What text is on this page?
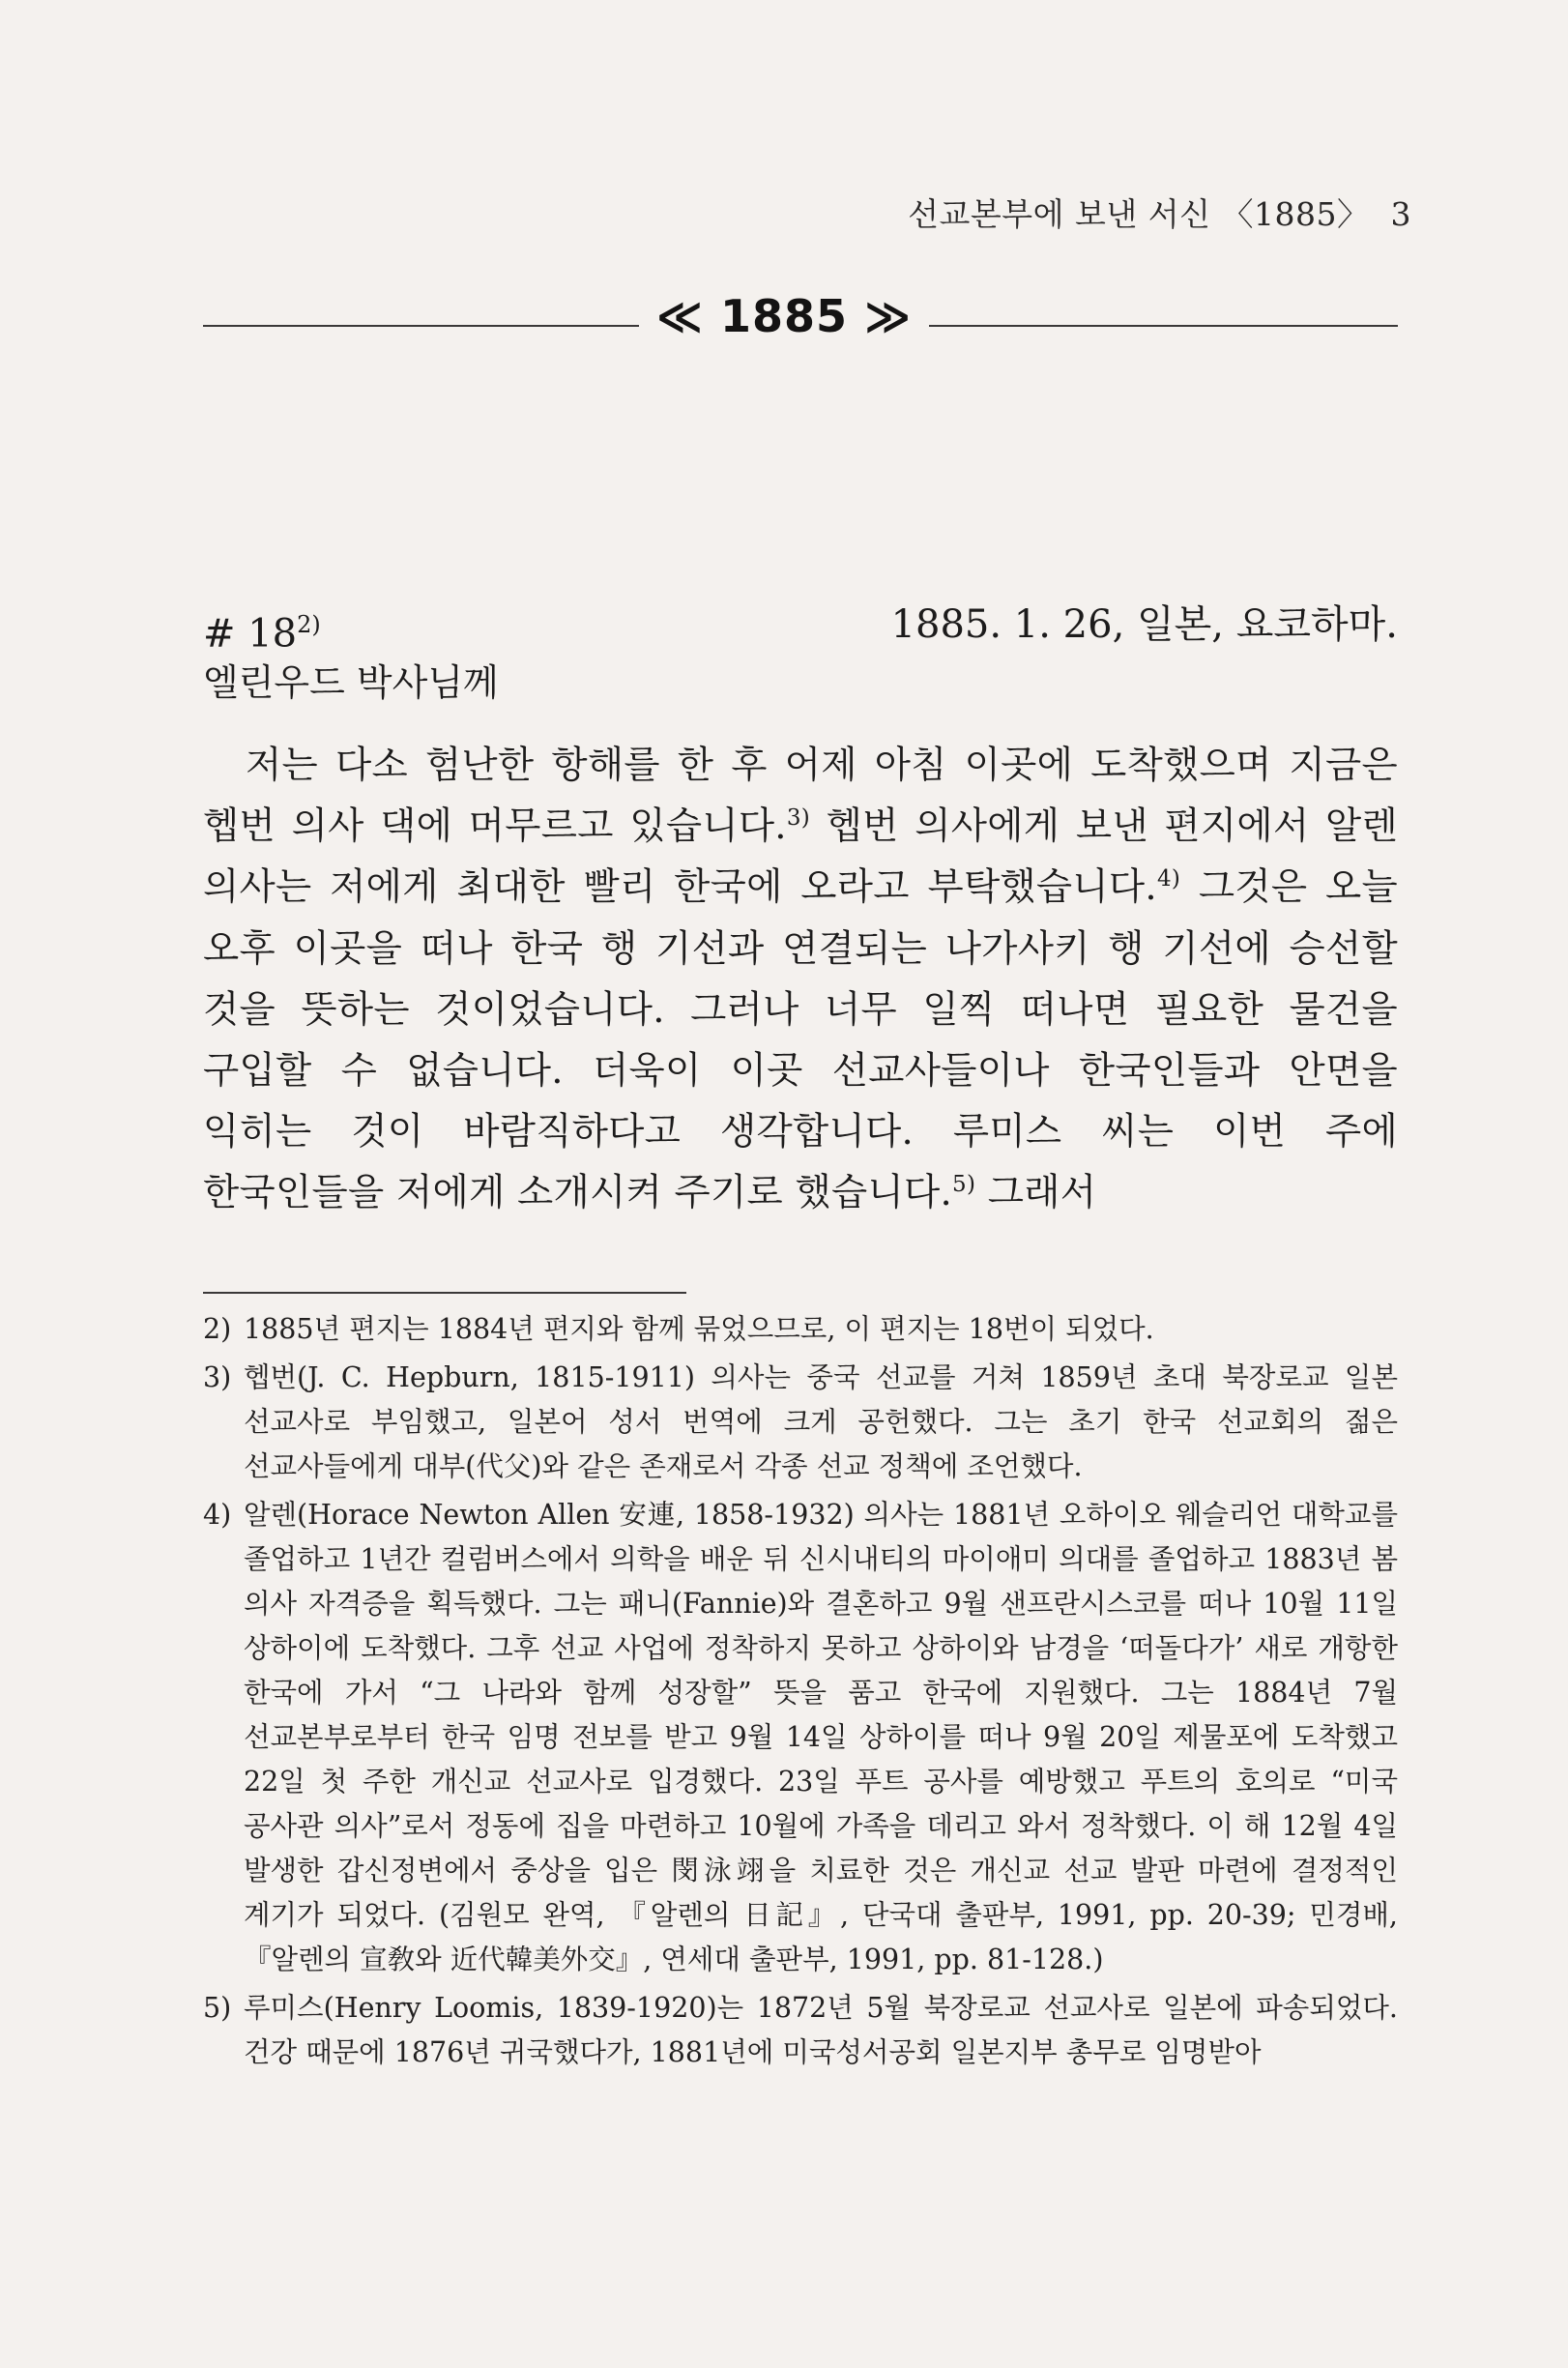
선교본부에 보낸 서신 〈1885〉 3
≪ 1885 ≫
# 18$^{2)}$	1885. 1. 26, 일본, 요코하마.
엘린우드 박사님께

저는 다소 험난한 항해를 한 후 어제 아침 이곳에 도착했으며 지금은 헵번 의사 댁에 머무르고 있습니다.$^{3)}$ 헵번 의사에게 보낸 편지에서 알렌 의사는 저에게 최대한 빨리 한국에 오라고 부탁했습니다.$^{4)}$ 그것은 오늘 오후 이곳을 떠나 한국 행 기선과 연결되는 나가사키 행 기선에 승선할 것을 뜻하는 것이었습니다. 그러나 너무 일찍 떠나면 필요한 물건을 구입할 수 없습니다. 더욱이 이곳 선교사들이나 한국인들과 안면을 익히는 것이 바람직하다고 생각합니다. 루미스 씨는 이번 주에 한국인들을 저에게 소개시켜 주기로 했습니다.$^{5)}$ 그래서

2) 1885년 편지는 1884년 편지와 함께 묶었으므로, 이 편지는 18번이 되었다.
3) 헵번(J. C. Hepburn, 1815-1911) 의사는 중국 선교를 거쳐 1859년 초대 북장로교 일본 선교사로 부임했고, 일본어 성서 번역에 크게 공헌했다. 그는 초기 한국 선교회의 젊은 선교사들에게 대부(代父)와 같은 존재로서 각종 선교 정책에 조언했다.
4) 알렌(Horace Newton Allen 安連, 1858-1932) 의사는 1881년 오하이오 웨슬리언 대학교를 졸업하고 1년간 컬럼버스에서 의학을 배운 뒤 신시내티의 마이애미 의대를 졸업하고 1883년 봄 의사 자격증을 획득했다. 그는 패니(Fannie)와 결혼하고 9월 샌프란시스코를 떠나 10월 11일 상하이에 도착했다. 그후 선교 사업에 정착하지 못하고 상하이와 남경을 ‘떠돌다가’ 새로 개항한 한국에 가서 “그 나라와 함께 성장할” 뜻을 품고 한국에 지원했다. 그는 1884년 7월 선교본부로부터 한국 임명 전보를 받고 9월 14일 상하이를 떠나 9월 20일 제물포에 도착했고 22일 첫 주한 개신교 선교사로 입경했다. 23일 푸트 공사를 예방했고 푸트의 호의로 “미국 공사관 의사”로서 정동에 집을 마련하고 10월에 가족을 데리고 와서 정착했다. 이 해 12월 4일 발생한 갑신정변에서 중상을 입은 閔泳翊을 치료한 것은 개신교 선교 발판 마련에 결정적인 계기가 되었다. (김원모 완역, 『알렌의 日記』, 단국대 출판부, 1991, pp. 20-39; 민경배, 『알렌의 宣敎와 近代韓美外交』, 연세대 출판부, 1991, pp. 81-128.)
5) 루미스(Henry Loomis, 1839-1920)는 1872년 5월 북장로교 선교사로 일본에 파송되었다. 건강 때문에 1876년 귀국했다가, 1881년에 미국성서공회 일본지부 총무로 임명받아
